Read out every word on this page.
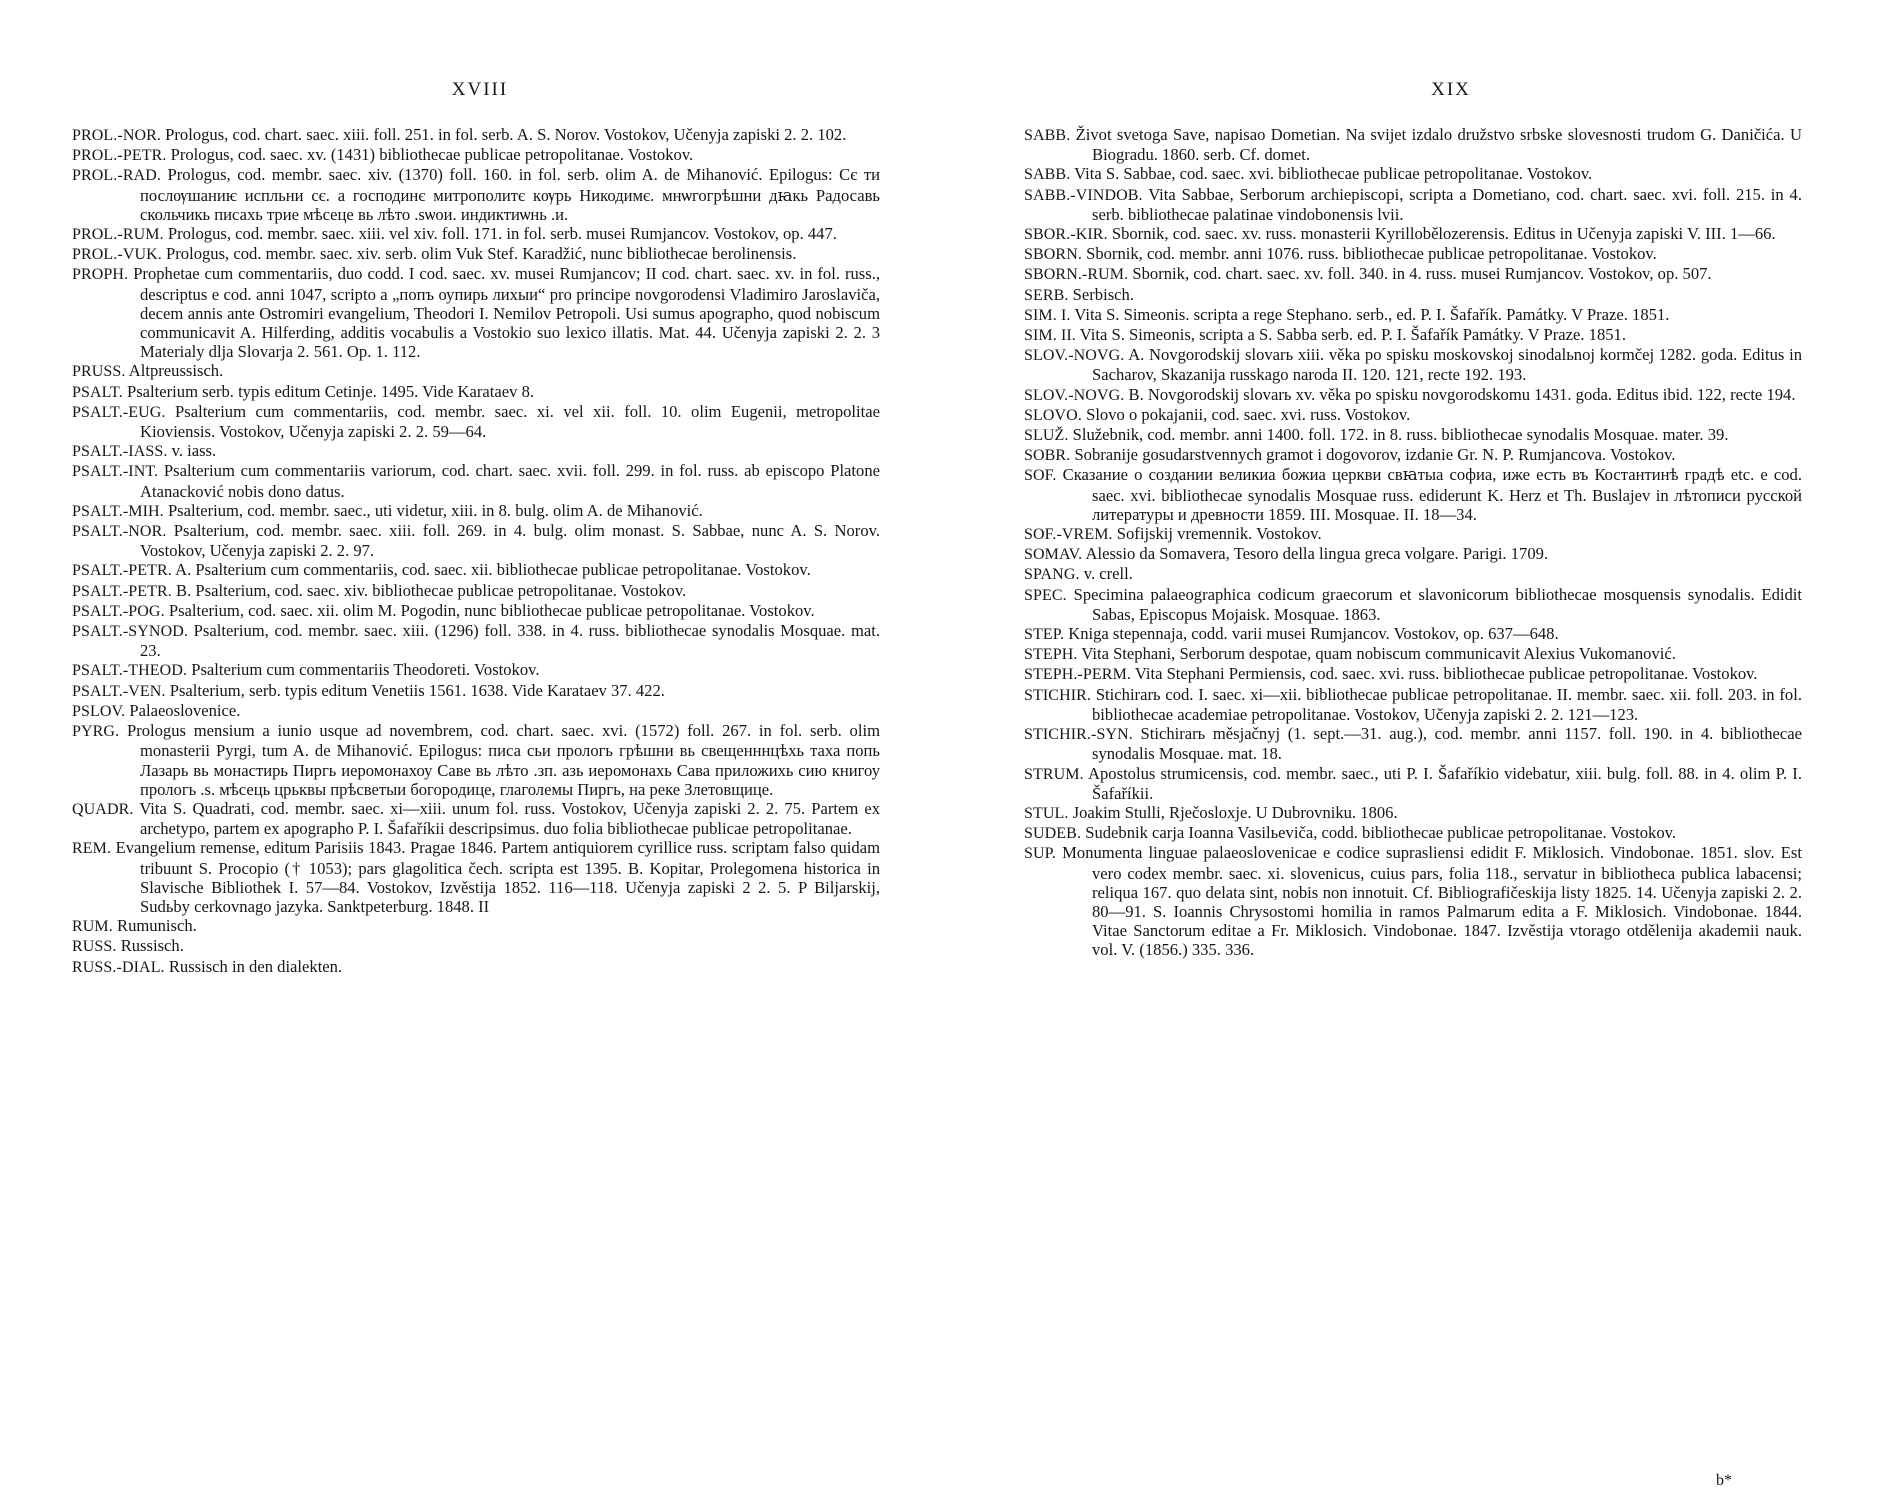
XVIII
PROL.-NOR. Prologus, cod. chart. saec. xiii. foll. 251. in fol. serb. A. S. Norov. Vostokov, Učenyja zapiski 2. 2. 102.
PROL.-PETR. Prologus, cod. saec. xv. (1431) bibliothecae publicae petropolitanae. Vostokov.
PROL.-RAD. Prologus, cod. membr. saec. xiv. (1370) foll. 160. in fol. serb. olim A. de Mihanović. Epilogus: Сє ти послѹшаниѥ испльни сє. а господинє митрополитє кѹрь Никодимє. мнѡгогрѣшни дꙗкь Радосавь скольчикь писахь трие мѣсеце вь лѣто .ѕѡои. индиктиѡнь .и.
PROL.-RUM. Prologus, cod. membr. saec. xiii. vel xiv. foll. 171. in fol. serb. musei Rumjancov. Vostokov, op. 447.
PROL.-VUK. Prologus, cod. membr. saec. xiv. serb. olim Vuk Stef. Karadžić, nunc bibliothecae berolinensis.
PROPH. Prophetae cum commentariis, duo codd. I cod. saec. xv. musei Rumjancov; II cod. chart. saec. xv. in fol. russ., descriptus e cod. anni 1047, scripto a „попъ оупирь лихыи“ pro principe novgorodensi Vladimiro Jaroslaviča, decem annis ante Ostromiri evangelium, Theodori I. Nemilov Petropoli. Usi sumus apographo, quod nobiscum communicavit A. Hilferding, additis vocabulis a Vostokio suo lexico illatis. Mat. 44. Učenyja zapiski 2. 2. 3 Materialy dlja Slovarja 2. 561. Op. 1. 112.
PRUSS. Altpreussisch.
PSALT. Psalterium serb. typis editum Cetinje. 1495. Vide Karataev 8.
PSALT.-EUG. Psalterium cum commentariis, cod. membr. saec. xi. vel xii. foll. 10. olim Eugenii, metropolitae Kioviensis. Vostokov, Učenyja zapiski 2. 2. 59—64.
PSALT.-IASS. v. iass.
PSALT.-INT. Psalterium cum commentariis variorum, cod. chart. saec. xvii. foll. 299. in fol. russ. ab episcopo Platone Atanacković nobis dono datus.
PSALT.-MIH. Psalterium, cod. membr. saec., uti videtur, xiii. in 8. bulg. olim A. de Mihanović.
PSALT.-NOR. Psalterium, cod. membr. saec. xiii. foll. 269. in 4. bulg. olim monast. S. Sabbae, nunc A. S. Norov. Vostokov, Učenyja zapiski 2. 2. 97.
PSALT.-PETR. A. Psalterium cum commentariis, cod. saec. xii. bibliothecae publicae petropolitanae. Vostokov.
PSALT.-PETR. B. Psalterium, cod. saec. xiv. bibliothecae publicae petropolitanae. Vostokov.
PSALT.-POG. Psalterium, cod. saec. xii. olim M. Pogodin, nunc bibliothecae publicae petropolitanae. Vostokov.
PSALT.-SYNOD. Psalterium, cod. membr. saec. xiii. (1296) foll. 338. in 4. russ. bibliothecae synodalis Mosquae. mat. 23.
PSALT.-THEOD. Psalterium cum commentariis Theodoreti. Vostokov.
PSALT.-VEN. Psalterium, serb. typis editum Venetiis 1561. 1638. Vide Karataev 37. 422.
PSLOV. Palaeoslovenice.
PYRG. Prologus mensium a iunio usque ad novembrem, cod. chart. saec. xvi. (1572) foll. 267. in fol. serb. olim monasterii Pyrgi, tum A. de Mihanović. Epilogus: писа сьи прологь грѣшни вь свещенннцѣхь таха попь Лазарь вь монастирь Пиргь иеромонахоу Саве вь лѣто .зп. азь иеромонахь Сава приложихь сию книгоу прологь .s. мѣсець црьквы прѣсветыи богородице, глаголемы Пиргь, на реке Злетовщице.
QUADR. Vita S. Quadrati, cod. membr. saec. xi—xiii. unum fol. russ. Vostokov, Učenyja zapiski 2. 2. 75. Partem ex archetypo, partem ex apographo P. I. Šafaříkii descripsimus. duo folia bibliothecae publicae petropolitanae.
REM. Evangelium remense, editum Parisiis 1843. Pragae 1846. Partem antiquiorem cyrillice russ. scriptam falso quidam tribuunt S. Procopio († 1053); pars glagolitica čech. scripta est 1395. B. Kopitar, Prolegomena historica in Slavische Bibliothek I. 57—84. Vostokov, Izvěstija 1852. 116—118. Učenyja zapiski 2 2. 5. P Biljarskij, Sudьby cerkovnago jazyka. Sanktpeterburg. 1848. II
RUM. Rumunisch.
RUSS. Russisch.
RUSS.-DIAL. Russisch in den dialekten.
XIX
SABB. Život svetoga Save, napisao Dometian. Na svijet izdalo družstvo srbske slovesnosti trudom G. Daničića. U Biogradu. 1860. serb. Cf. domet.
SABB. Vita S. Sabbae, cod. saec. xvi. bibliothecae publicae petropolitanae. Vostokov.
SABB.-VINDOB. Vita Sabbae, Serborum archiepiscopi, scripta a Dometiano, cod. chart. saec. xvi. foll. 215. in 4. serb. bibliothecae palatinae vindobonensis lvii.
SBOR.-KIR. Sbornik, cod. saec. xv. russ. monasterii Kyrillobělozerensis. Editus in Učenyja zapiski V. III. 1—66.
SBORN. Sbornik, cod. membr. anni 1076. russ. bibliothecae publicae petropolitanae. Vostokov.
SBORN.-RUM. Sbornik, cod. chart. saec. xv. foll. 340. in 4. russ. musei Rumjancov. Vostokov, op. 507.
SERB. Serbisch.
SIM. I. Vita S. Simeonis. scripta a rege Stephano. serb., ed. P. I. Šafařík. Památky. V Praze. 1851.
SIM. II. Vita S. Simeonis, scripta a S. Sabba serb. ed. P. I. Šafařík Památky. V Praze. 1851.
SLOV.-NOVG. A. Novgorodskij slovarь xiii. věka po spisku moskovskoj sinodalьnoj kormčej 1282. goda. Editus in Sacharov, Skazanija russkago naroda II. 120. 121, recte 192. 193.
SLOV.-NOVG. B. Novgorodskij slovarь xv. věka po spisku novgorodskomu 1431. goda. Editus ibid. 122, recte 194.
SLOVO. Slovo o pokajanii, cod. saec. xvi. russ. Vostokov.
SLUŽ. Služebnik, cod. membr. anni 1400. foll. 172. in 8. russ. bibliothecae synodalis Mosquae. mater. 39.
SOBR. Sobranije gosudarstvennych gramot i dogovorov, izdanie Gr. N. P. Rumjancova. Vostokov.
SOF. Сказание о создании великиа божиа церкви свꙗтыа софиа, иже есть въ Костантинѣ градѣ etc. e cod. saec. xvi. bibliothecae synodalis Mosquae russ. ediderunt K. Herz et Th. Buslajev in лѣтописи русской литературы и древности 1859. III. Mosquae. II. 18—34.
SOF.-VREM. Sofijskij vremennik. Vostokov.
SOMAV. Alessio da Somavera, Tesoro della lingua greca volgare. Parigi. 1709.
SPANG. v. crell.
SPEC. Specimina palaeographica codicum graecorum et slavonicorum bibliothecae mosquensis synodalis. Edidit Sabas, Episcopus Mojaisk. Mosquae. 1863.
STEP. Kniga stepennaja, codd. varii musei Rumjancov. Vostokov, op. 637—648.
STEPH. Vita Stephani, Serborum despotae, quam nobiscum communicavit Alexius Vukomanović.
STEPH.-PERM. Vita Stephani Permiensis, cod. saec. xvi. russ. bibliothecae publicae petropolitanae. Vostokov.
STICHIR. Stichirarь cod. I. saec. xi—xii. bibliothecae publicae petropolitanae. II. membr. saec. xii. foll. 203. in fol. bibliothecae academiae petropolitanae. Vostokov, Učenyja zapiski 2. 2. 121—123.
STICHIR.-SYN. Stichirarь měsjačnyj (1. sept.—31. aug.), cod. membr. anni 1157. foll. 190. in 4. bibliothecae synodalis Mosquae. mat. 18.
STRUM. Apostolus strumicensis, cod. membr. saec., uti P. I. Šafaříkio videbatur, xiii. bulg. foll. 88. in 4. olim P. I. Šafaříkii.
STUL. Joakim Stulli, Rječosloxje. U Dubrovniku. 1806.
SUDEB. Sudebnik carja Ioanna Vasilьeviča, codd. bibliothecae publicae petropolitanae. Vostokov.
SUP. Monumenta linguae palaeoslovenicae e codice suprasliensi edidit F. Miklosich. Vindobonae. 1851. slov. Est vero codex membr. saec. xi. slovenicus, cuius pars, folia 118., servatur in bibliotheca publica labacensi; reliqua 167. quo delata sint, nobis non innotuit. Cf. Bibliografičeskija listy 1825. 14. Učenyja zapiski 2. 2. 80—91. S. Ioannis Chrysostomi homilia in ramos Palmarum edita a F. Miklosich. Vindobonae. 1844. Vitae Sanctorum editae a Fr. Miklosich. Vindobonae. 1847. Izvěstija vtorago otdělenija akademii nauk. vol. V. (1856.) 335. 336.
b*
